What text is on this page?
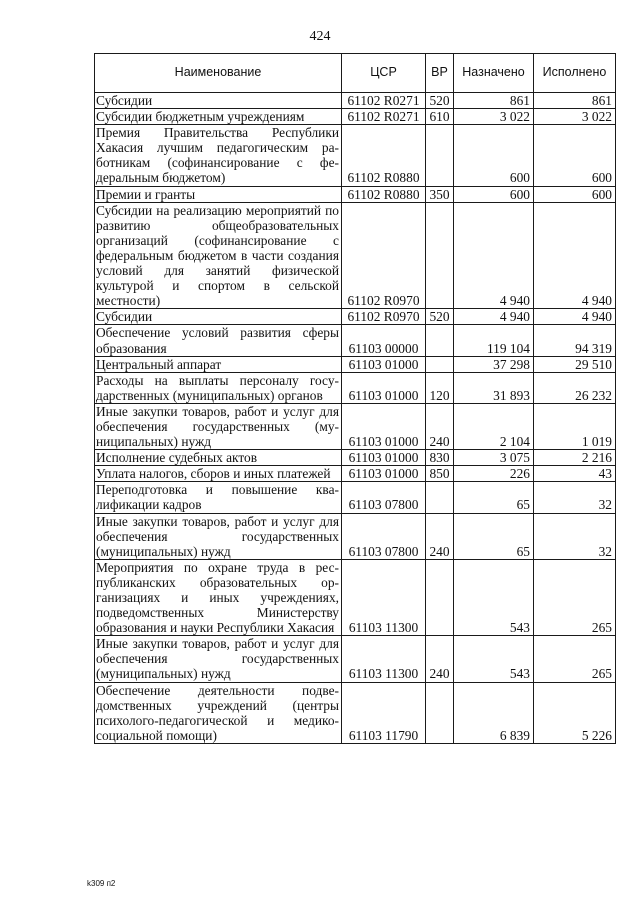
424
Наименование	ЦСР	ВР	Назначено	Исполнено
Субсидии	61102 R0271	520	861	861
Субсидии бюджетным учреждениям	61102 R0271	610	3 022	3 022
Премия Правительства Республики Хакасия лучшим педагогическим работникам (софинансирование с федеральным бюджетом)	61102 R0880		600	600
Премии и гранты	61102 R0880	350	600	600
Субсидии на реализацию мероприятий по развитию общеобразовательных организаций (софинансирование с федеральным бюджетом в части создания условий для занятий физической культурой и спортом в сельской местности)	61102 R0970		4 940	4 940
Субсидии	61102 R0970	520	4 940	4 940
Обеспечение условий развития сферы образования	61103 00000		119 104	94 319
Центральный аппарат	61103 01000		37 298	29 510
Расходы на выплаты персоналу государственных (муниципальных) органов	61103 01000	120	31 893	26 232
Иные закупки товаров, работ и услуг для обеспечения государственных (муниципальных) нужд	61103 01000	240	2 104	1 019
Исполнение судебных актов	61103 01000	830	3 075	2 216
Уплата налогов, сборов и иных платежей	61103 01000	850	226	43
Переподготовка и повышение квалификации кадров	61103 07800		65	32
Иные закупки товаров, работ и услуг для обеспечения государственных (муниципальных) нужд	61103 07800	240	65	32
Мероприятия по охране труда в республиканских образовательных организациях и иных учреждениях, подведомственных Министерству образования и науки Республики Хакасия	61103 11300		543	265
Иные закупки товаров, работ и услуг для обеспечения государственных (муниципальных) нужд	61103 11300	240	543	265
Обеспечение деятельности подведомственных учреждений (центры психолого-педагогической и медико-социальной помощи)	61103 11790		6 839	5 226
k309 п2
